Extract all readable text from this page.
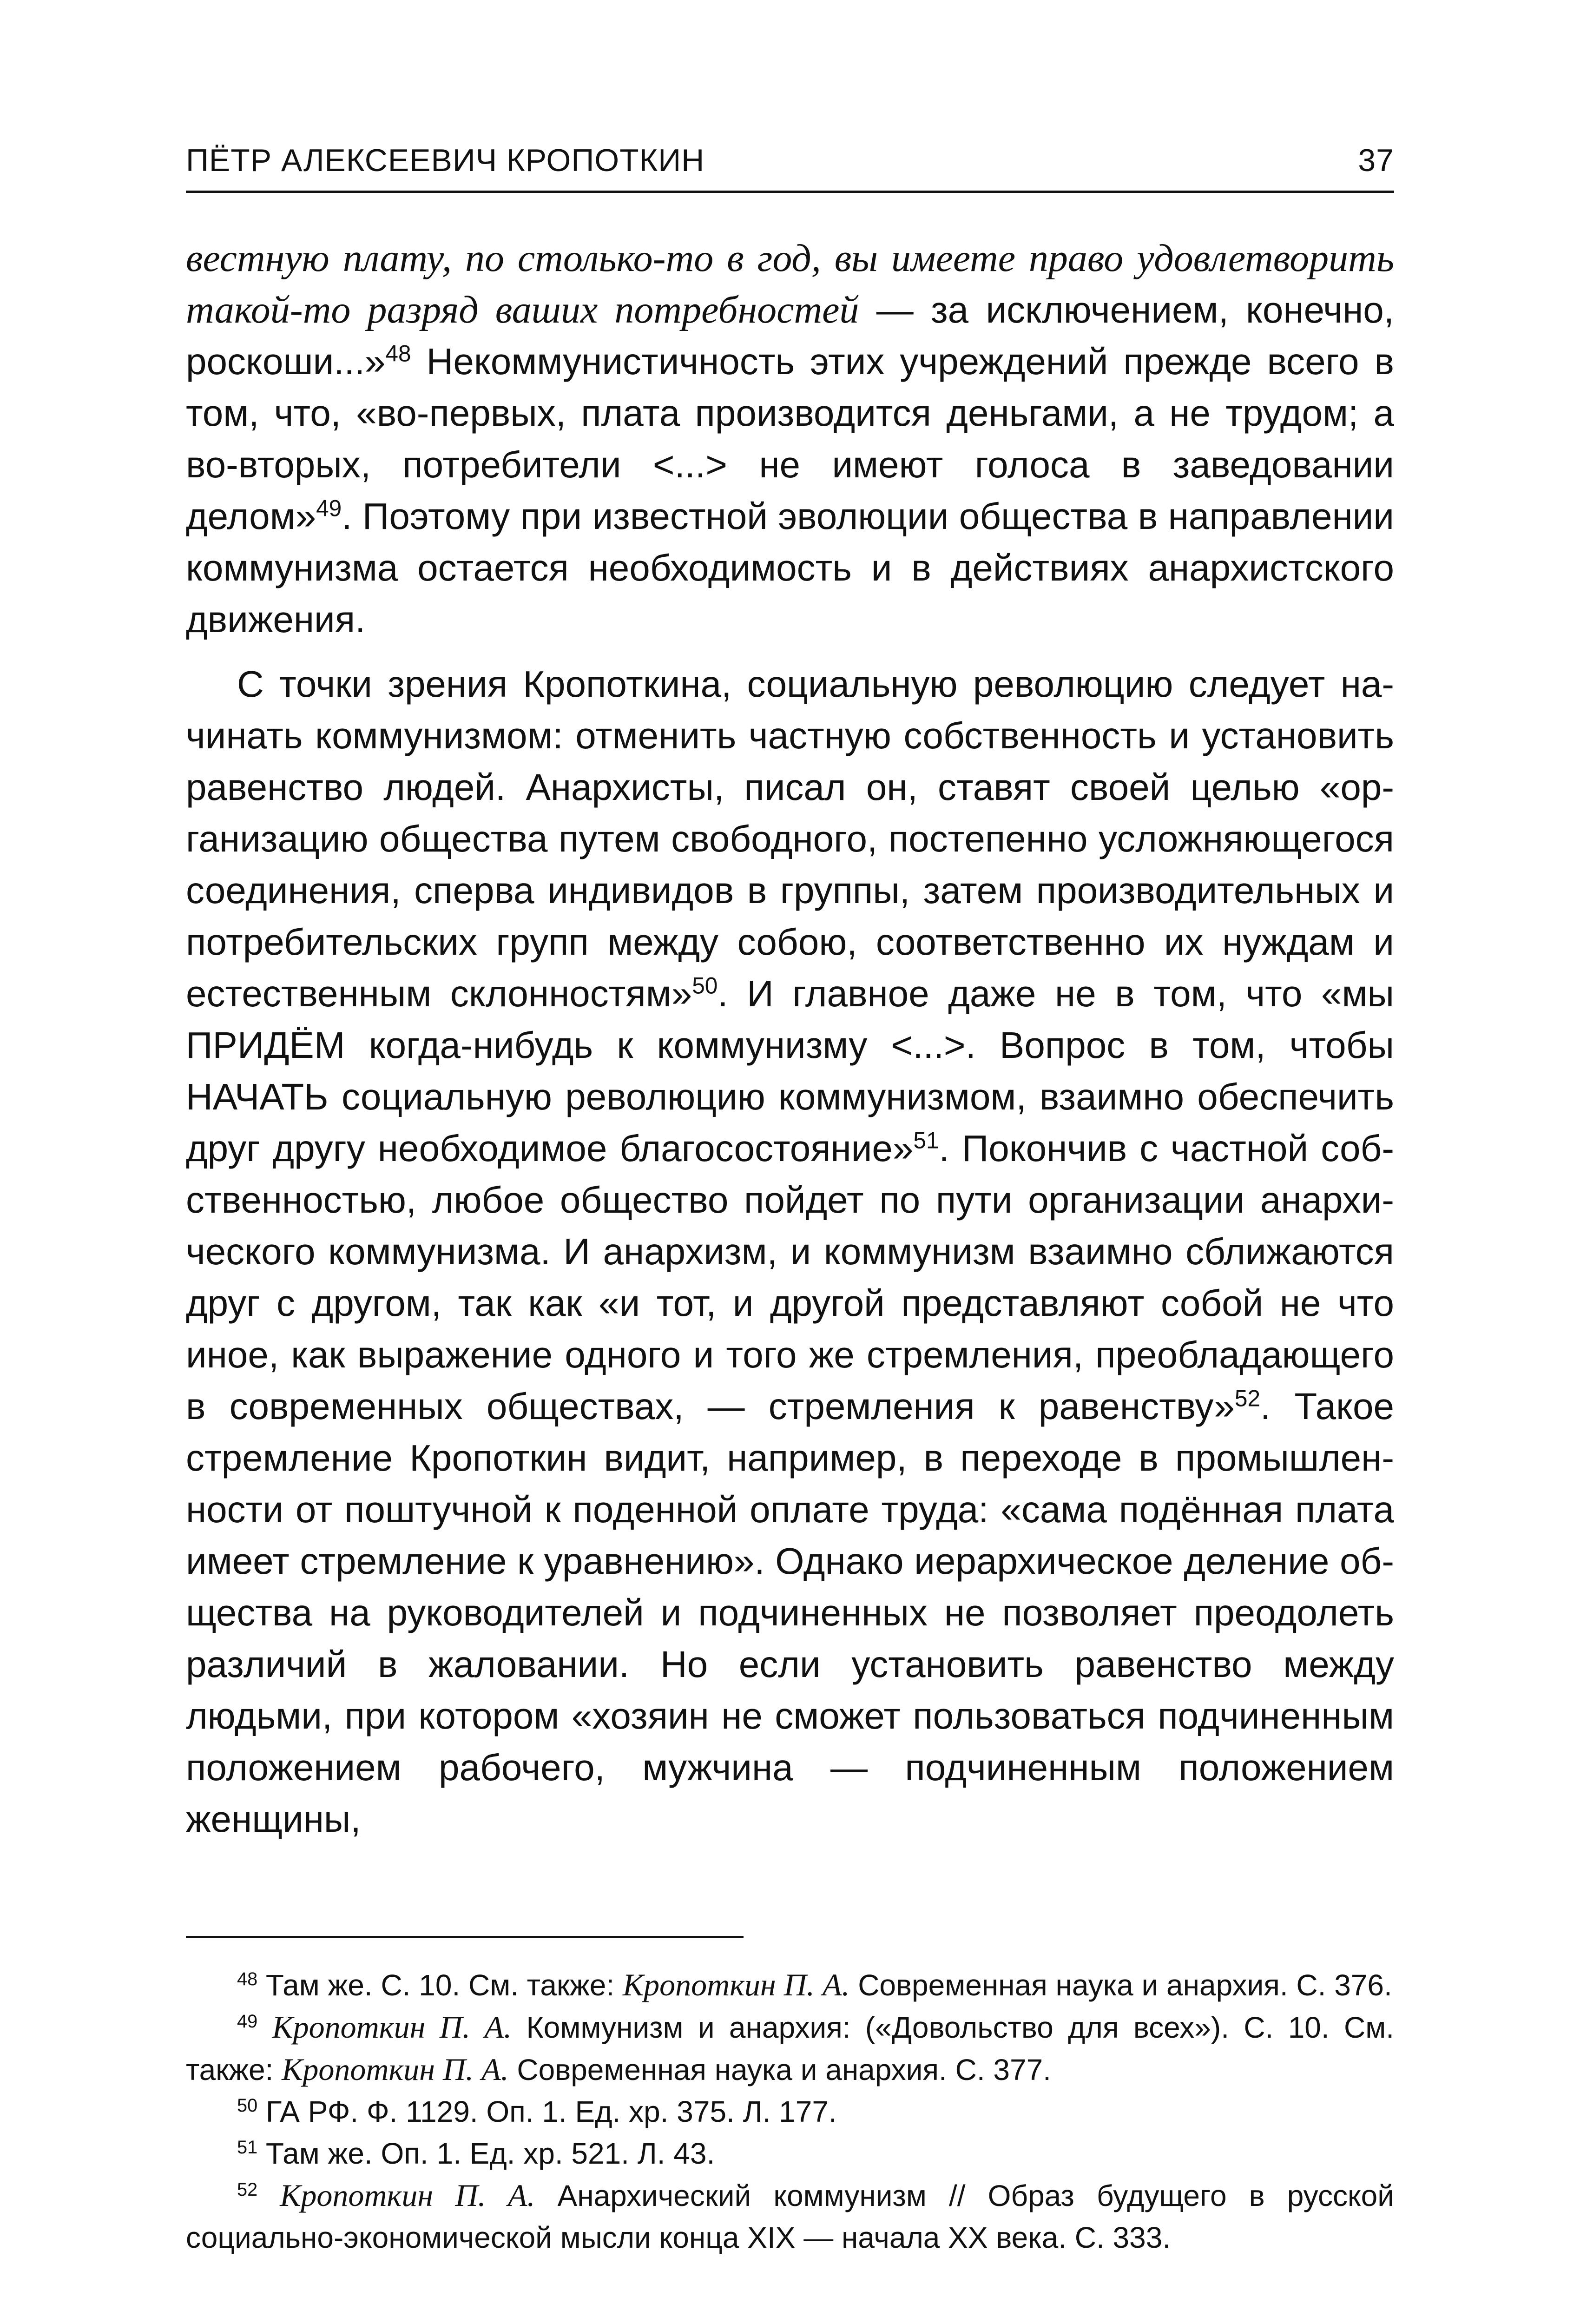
ПЁТР АЛЕКСЕЕВИЧ КРОПОТКИН	37

вестную плату, по столько-то в год, вы имеете право удовлетворить такой-то разряд ваших потребностей — за исключением, конечно, роскоши...»$^{48}$ Некоммунистичность этих учреждений прежде всего в том, что, «во-первых, плата производится деньгами, а не трудом; а во-вторых, потребители <...> не имеют голоса в заведовании делом»$^{49}$. Поэтому при известной эволюции общества в направлении коммунизма остается необходимость и в действиях анархистского движения.

С точки зрения Кропоткина, социальную революцию следует начинать коммунизмом: отменить частную собственность и установить равенство людей. Анархисты, писал он, ставят своей целью «организацию общества путем свободного, постепенно усложняющегося соединения, сперва индивидов в группы, затем производительных и потребительских групп между собою, соответственно их нуждам и естественным склонностям»$^{50}$. И главное даже не в том, что «мы ПРИДЁМ когда-нибудь к коммунизму <...>. Вопрос в том, чтобы НАЧАТЬ социальную революцию коммунизмом, взаимно обеспечить друг другу необходимое благосостояние»$^{51}$. Покончив с частной собственностью, любое общество пойдет по пути организации анархического коммунизма. И анархизм, и коммунизм взаимно сближаются друг с другом, так как «и тот, и другой представляют собой не что иное, как выражение одного и того же стремления, преобладающего в современных обществах, — стремления к равенству»$^{52}$. Такое стремление Кропоткин видит, например, в переходе в промышленности от поштучной к поденной оплате труда: «сама подённая плата имеет стремление к уравнению». Однако иерархическое деление общества на руководителей и подчиненных не позволяет преодолеть различий в жаловании. Но если установить равенство между людьми, при котором «хозяин не сможет пользоваться подчиненным положением рабочего, мужчина — подчиненным положением женщины,

$^{48}$ Там же. С. 10. См. также: Кропоткин П. А. Современная наука и анархия. С. 376.

$^{49}$ Кропоткин П. А. Коммунизм и анархия: («Довольство для всех»). С. 10. См. также: Кропоткин П. А. Современная наука и анархия. С. 377.

$^{50}$ ГА РФ. Ф. 1129. Оп. 1. Ед. хр. 375. Л. 177.

$^{51}$ Там же. Оп. 1. Ед. хр. 521. Л. 43.

$^{52}$ Кропоткин П. А. Анархический коммунизм // Образ будущего в русской социально-экономической мысли конца XIX — начала XX века. С. 333.
